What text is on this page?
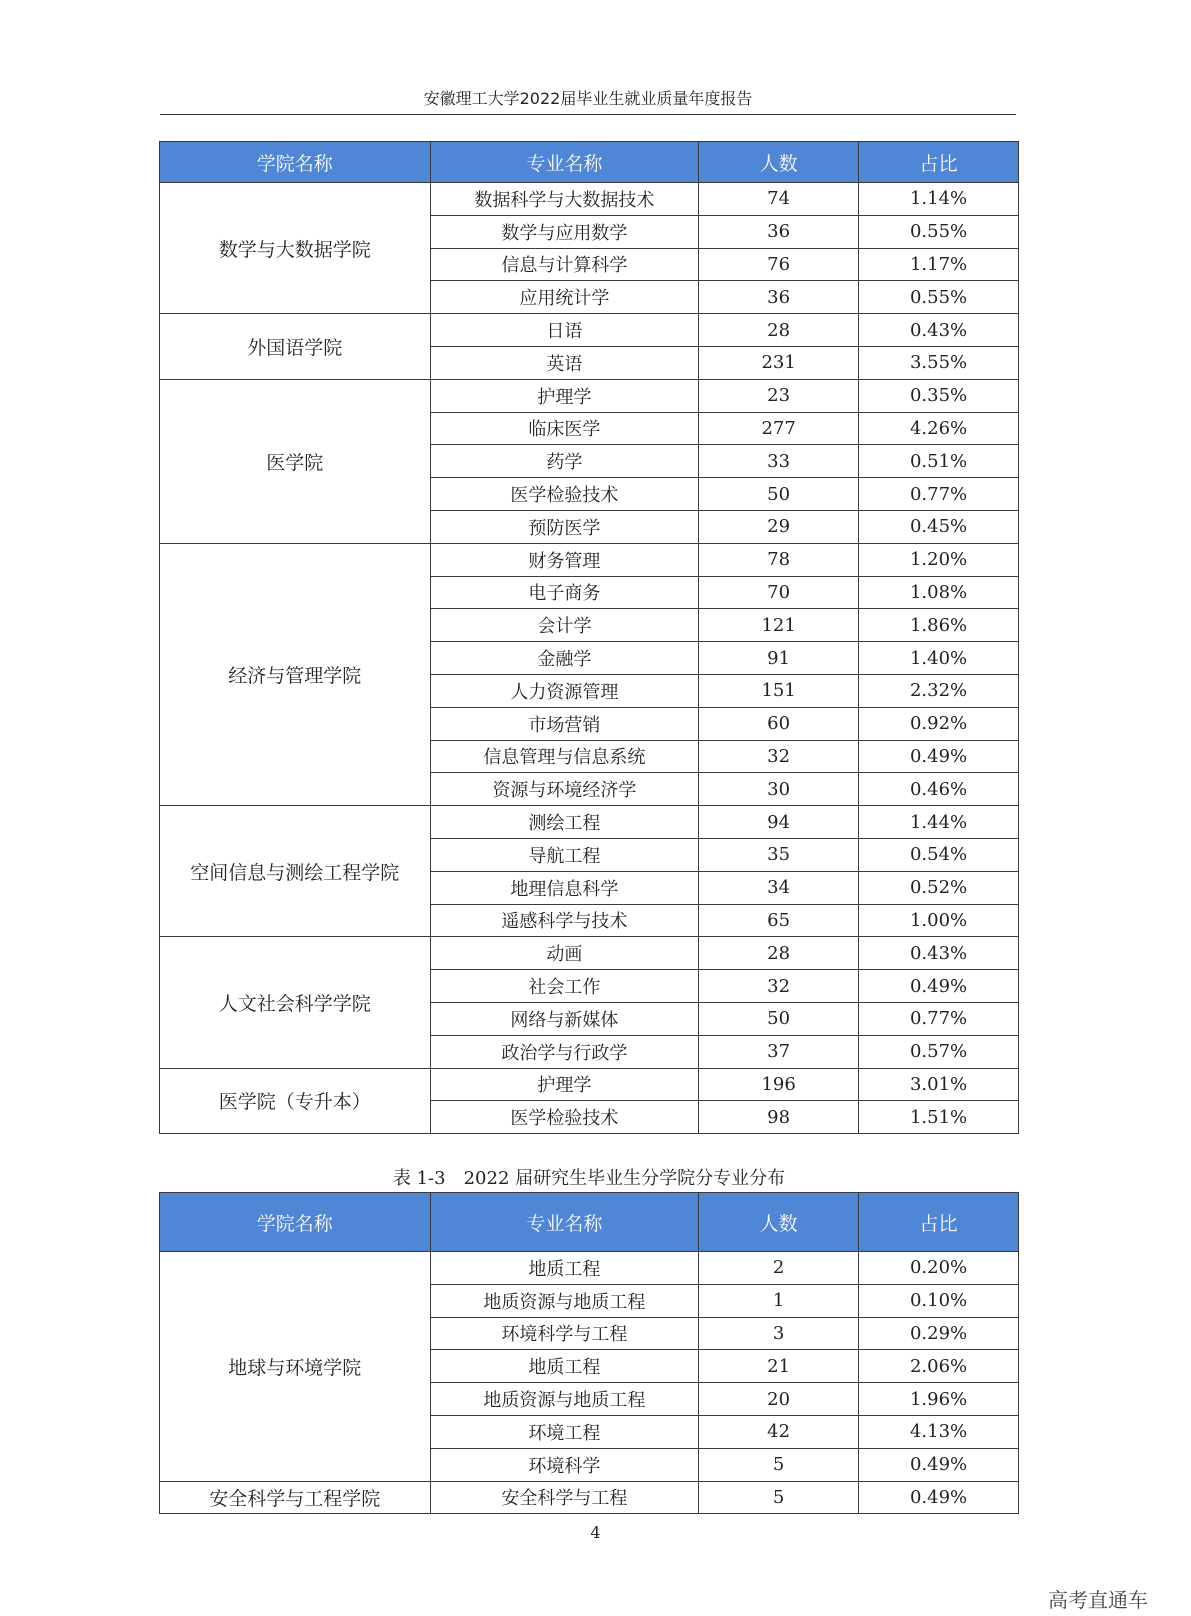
安徽理工大学2022届毕业生就业质量年度报告
学院名称	专业名称	人数	占比
数学与大数据学院	数据科学与大数据技术	74	1.14%
	数学与应用数学	36	0.55%
	信息与计算科学	76	1.17%
	应用统计学	36	0.55%
外国语学院	日语	28	0.43%
	英语	231	3.55%
医学院	护理学	23	0.35%
	临床医学	277	4.26%
	药学	33	0.51%
	医学检验技术	50	0.77%
	预防医学	29	0.45%
经济与管理学院	财务管理	78	1.20%
	电子商务	70	1.08%
	会计学	121	1.86%
	金融学	91	1.40%
	人力资源管理	151	2.32%
	市场营销	60	0.92%
	信息管理与信息系统	32	0.49%
	资源与环境经济学	30	0.46%
空间信息与测绘工程学院	测绘工程	94	1.44%
	导航工程	35	0.54%
	地理信息科学	34	0.52%
	遥感科学与技术	65	1.00%
人文社会科学学院	动画	28	0.43%
	社会工作	32	0.49%
	网络与新媒体	50	0.77%
	政治学与行政学	37	0.57%
医学院（专升本）	护理学	196	3.01%
	医学检验技术	98	1.51%
表 1-3　2022 届研究生毕业生分学院分专业分布
学院名称	专业名称	人数	占比
地球与环境学院	地质工程	2	0.20%
	地质资源与地质工程	1	0.10%
	环境科学与工程	3	0.29%
	地质工程	21	2.06%
	地质资源与地质工程	20	1.96%
	环境工程	42	4.13%
	环境科学	5	0.49%
安全科学与工程学院	安全科学与工程	5	0.49%
4
高考直通车
